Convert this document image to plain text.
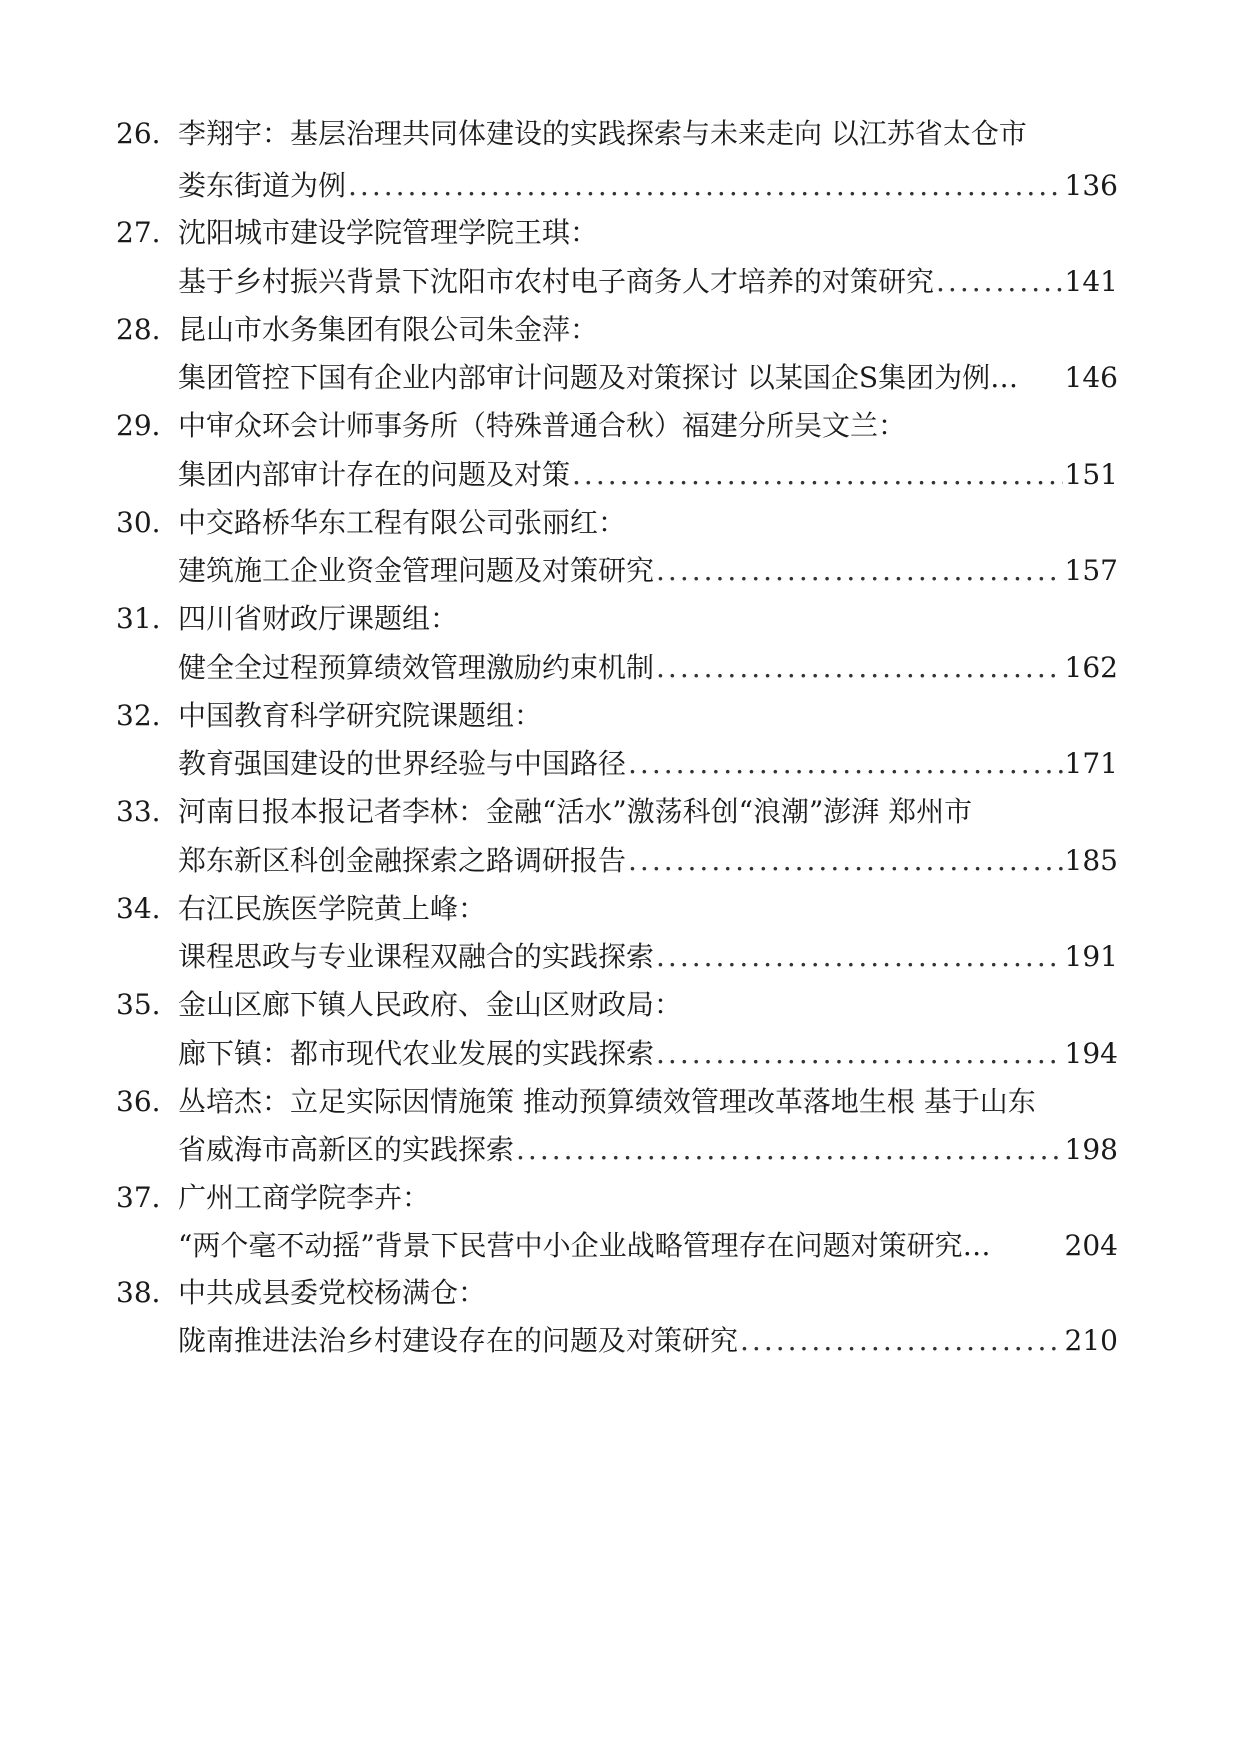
26. 李翔宇：基层治理共同体建设的实践探索与未来走向 以江苏省太仓市
娄东街道为例 .....	136
27. 沈阳城市建设学院管理学院王琪：
基于乡村振兴背景下沈阳市农村电子商务人才培养的对策研究 .....	141
28. 昆山市水务集团有限公司朱金萍：
集团管控下国有企业内部审计问题及对策探讨 以某国企S集团为例… 146
29．
中审众环会计师事务所（特殊普通合秋）福建分所吴文兰：
集团内部审计存在的问题及对策 .....	151
30. 中交路桥华东工程有限公司张丽红：
建筑施工企业资金管理问题及对策研究 .....	157
31. 四川省财政厅课题组：
健全全过程预算绩效管理激励约束机制 .....	162
32. 中国教育科学研究院课题组：
教育强国建设的世界经验与中国路径 .....	171
33. 河南日报本报记者李林：金融“活水”激荡科创“浪潮”澎湃 郑州市
郑东新区科创金融探索之路调研报告 .....	185
34. 右江民族医学院黄上峰：
课程思政与专业课程双融合的实践探索 .....	191
35. 金山区廊下镇人民政府、金山区财政局：
廊下镇：都市现代农业发展的实践探索 .....	194
36. 丛培杰：立足实际因情施策 推动预算绩效管理改革落地生根 基于山东
省威海市高新区的实践探索 .....	198
37．
广州工商学院李卉：
“两个毫不动摇”背景下民营中小企业战略管理存在问题对策研究…	204
38．
中共成县委党校杨满仓：
陇南推进法治乡村建设存在的问题及对策研究 .....	210
